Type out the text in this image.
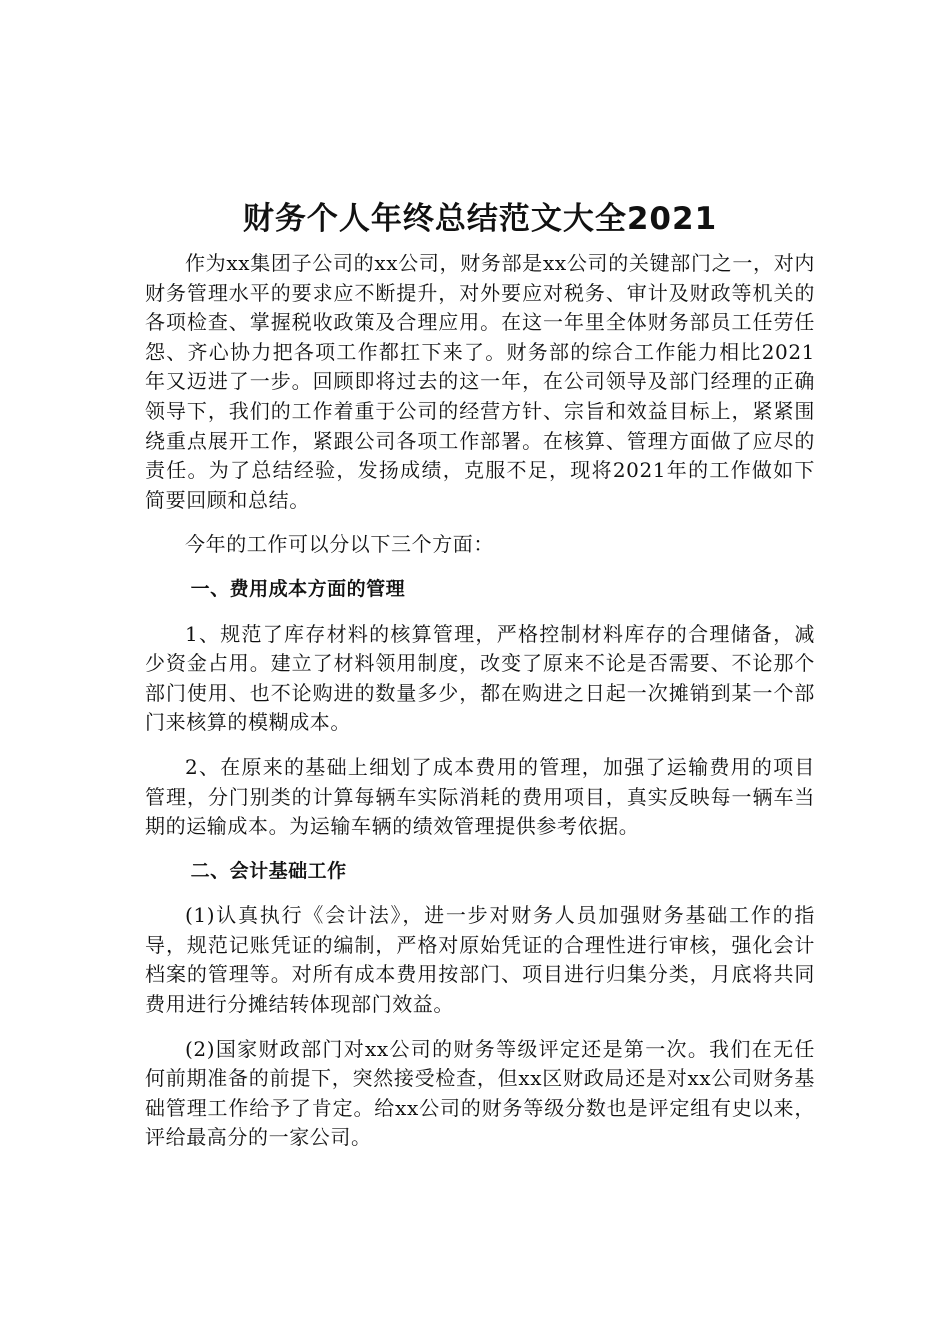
财务个人年终总结范文大全2021

作为xx集团子公司的xx公司，财务部是xx公司的关键部门之一，对内财务管理水平的要求应不断提升，对外要应对税务、审计及财政等机关的各项检查、掌握税收政策及合理应用。在这一年里全体财务部员工任劳任怨、齐心协力把各项工作都扛下来了。财务部的综合工作能力相比2021年又迈进了一步。回顾即将过去的这一年，在公司领导及部门经理的正确领导下，我们的工作着重于公司的经营方针、宗旨和效益目标上，紧紧围绕重点展开工作，紧跟公司各项工作部署。在核算、管理方面做了应尽的责任。为了总结经验，发扬成绩，克服不足，现将2021年的工作做如下简要回顾和总结。

今年的工作可以分以下三个方面：

一、费用成本方面的管理

1、规范了库存材料的核算管理，严格控制材料库存的合理储备，减少资金占用。建立了材料领用制度，改变了原来不论是否需要、不论那个部门使用、也不论购进的数量多少，都在购进之日起一次摊销到某一个部门来核算的模糊成本。

2、在原来的基础上细划了成本费用的管理，加强了运输费用的项目管理，分门别类的计算每辆车实际消耗的费用项目，真实反映每一辆车当期的运输成本。为运输车辆的绩效管理提供参考依据。

二、会计基础工作

(1)认真执行《会计法》，进一步对财务人员加强财务基础工作的指导，规范记账凭证的编制，严格对原始凭证的合理性进行审核，强化会计档案的管理等。对所有成本费用按部门、项目进行归集分类，月底将共同费用进行分摊结转体现部门效益。

(2)国家财政部门对xx公司的财务等级评定还是第一次。我们在无任何前期准备的前提下，突然接受检查，但xx区财政局还是对xx公司财务基础管理工作给予了肯定。给xx公司的财务等级分数也是评定组有史以来，评给最高分的一家公司。
